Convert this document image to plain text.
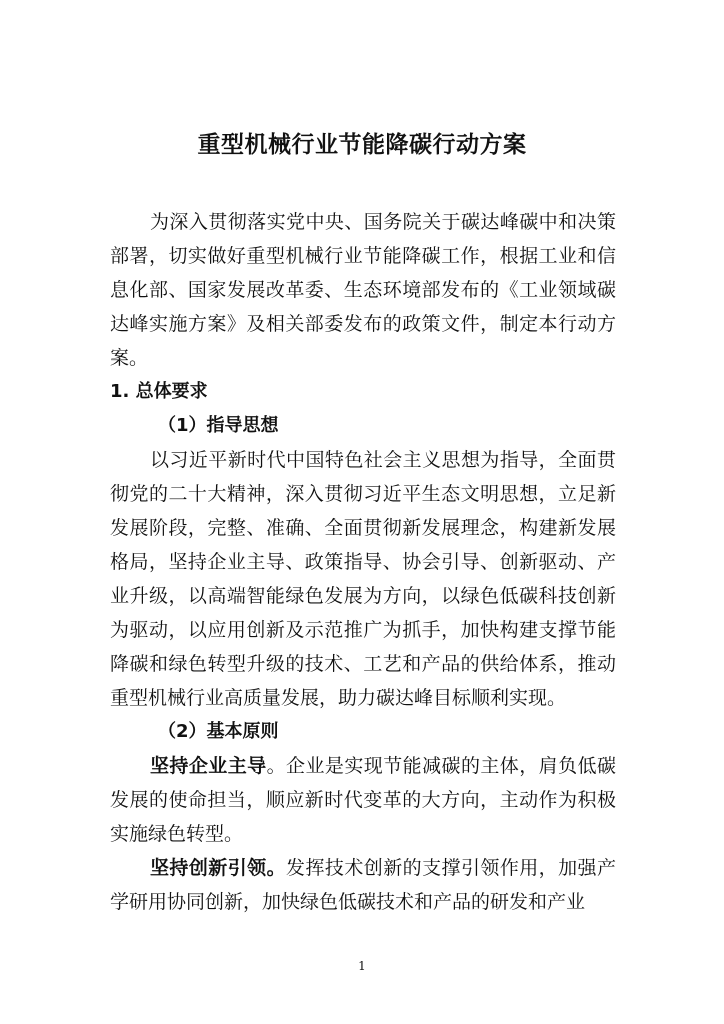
重型机械行业节能降碳行动方案
为深入贯彻落实党中央、国务院关于碳达峰碳中和决策
部署，切实做好重型机械行业节能降碳工作，根据工业和信
息化部、国家发展改革委、生态环境部发布的《工业领域碳
达峰实施方案》及相关部委发布的政策文件，制定本行动方
案。
1. 总体要求
（1）指导思想
以习近平新时代中国特色社会主义思想为指导，全面贯
彻党的二十大精神，深入贯彻习近平生态文明思想，立足新
发展阶段，完整、准确、全面贯彻新发展理念，构建新发展
格局，坚持企业主导、政策指导、协会引导、创新驱动、产
业升级，以高端智能绿色发展为方向，以绿色低碳科技创新
为驱动，以应用创新及示范推广为抓手，加快构建支撑节能
降碳和绿色转型升级的技术、工艺和产品的供给体系，推动
重型机械行业高质量发展，助力碳达峰目标顺利实现。
（2）基本原则
坚持企业主导。企业是实现节能减碳的主体，肩负低碳
发展的使命担当，顺应新时代变革的大方向，主动作为积极
实施绿色转型。
坚持创新引领。发挥技术创新的支撑引领作用，加强产
学研用协同创新，加快绿色低碳技术和产品的研发和产业
1
